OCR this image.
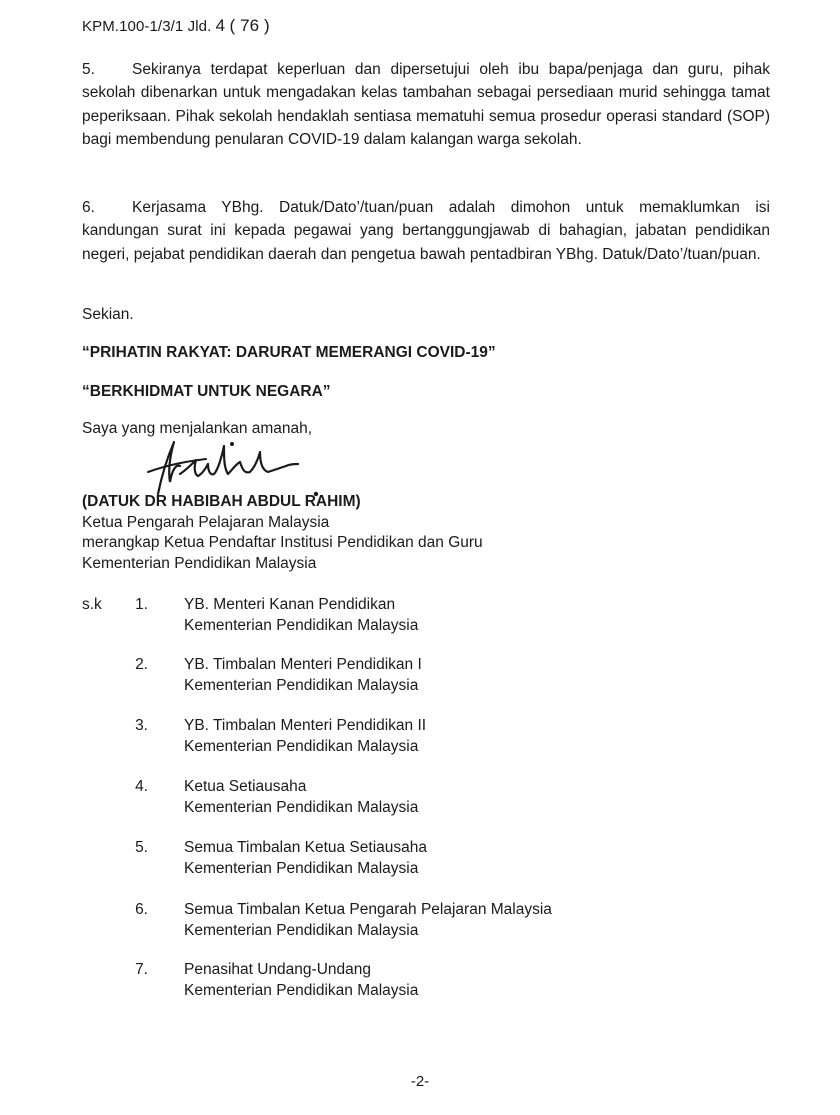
KPM.100-1/3/1 Jld. 4 ( 76 )

5. Sekiranya terdapat keperluan dan dipersetujui oleh ibu bapa/penjaga dan guru, pihak sekolah dibenarkan untuk mengadakan kelas tambahan sebagai persediaan murid sehingga tamat peperiksaan. Pihak sekolah hendaklah sentiasa mematuhi semua prosedur operasi standard (SOP) bagi membendung penularan COVID-19 dalam kalangan warga sekolah.

6. Kerjasama YBhg. Datuk/Dato’/tuan/puan adalah dimohon untuk memaklumkan isi kandungan surat ini kepada pegawai yang bertanggungjawab di bahagian, jabatan pendidikan negeri, pejabat pendidikan daerah dan pengetua bawah pentadbiran YBhg. Datuk/Dato’/tuan/puan.

Sekian.

“PRIHATIN RAKYAT: DARURAT MEMERANGI COVID-19”

“BERKHIDMAT UNTUK NEGARA”

Saya yang menjalankan amanah,

(DATUK DR HABIBAH ABDUL RAHIM)
Ketua Pengarah Pelajaran Malaysia
merangkap Ketua Pendaftar Institusi Pendidikan dan Guru
Kementerian Pendidikan Malaysia
s.k 1. YB. Menteri Kanan Pendidikan
Kementerian Pendidikan Malaysia
2. YB. Timbalan Menteri Pendidikan I
Kementerian Pendidikan Malaysia
3. YB. Timbalan Menteri Pendidikan II
Kementerian Pendidikan Malaysia
4. Ketua Setiausaha
Kementerian Pendidikan Malaysia
5. Semua Timbalan Ketua Setiausaha
Kementerian Pendidikan Malaysia
6. Semua Timbalan Ketua Pengarah Pelajaran Malaysia
Kementerian Pendidikan Malaysia
7. Penasihat Undang-Undang
Kementerian Pendidikan Malaysia
-2-
